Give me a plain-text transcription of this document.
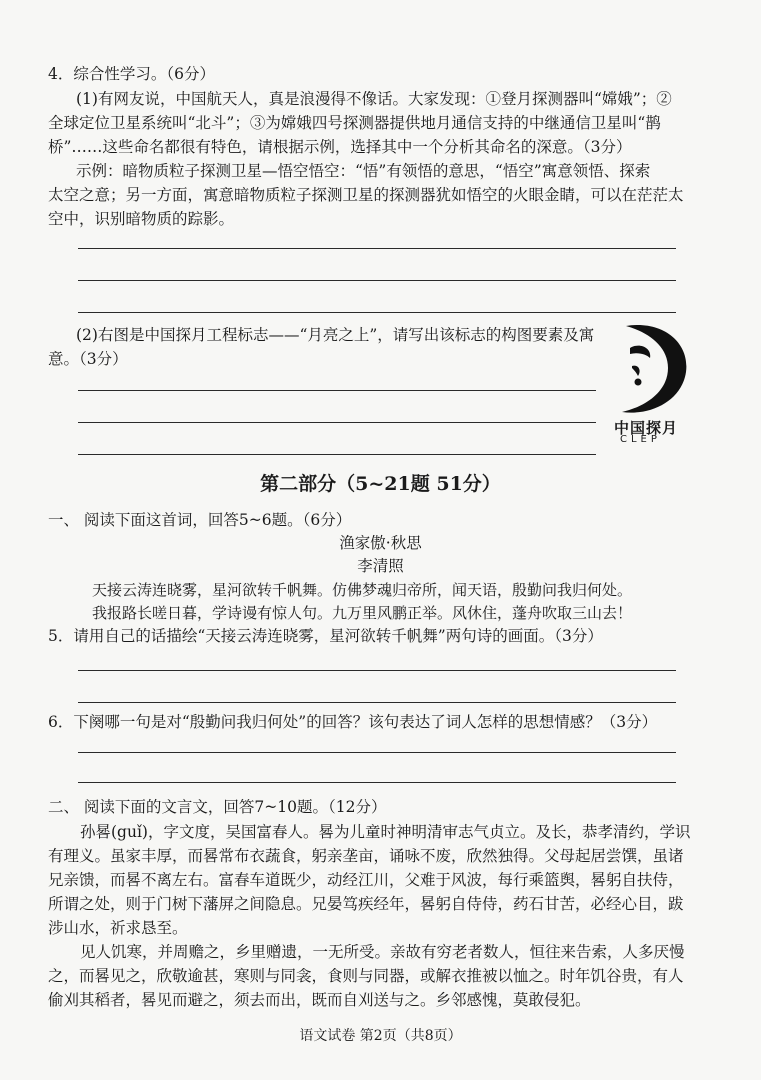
4．综合性学习。（6分）
(1)有网友说，中国航天人，真是浪漫得不像话。大家发现：①登月探测器叫“嫦娥”；②
全球定位卫星系统叫“北斗”；③为嫦娥四号探测器提供地月通信支持的中继通信卫星叫“鹊
桥”……这些命名都很有特色，请根据示例，选择其中一个分析其命名的深意。（3分）
示例：暗物质粒子探测卫星—悟空悟空：“悟”有领悟的意思，“悟空”寓意领悟、探索
太空之意；另一方面，寓意暗物质粒子探测卫星的探测器犹如悟空的火眼金睛，可以在茫茫太
空中，识别暗物质的踪影。
(2)右图是中国探月工程标志——“月亮之上”，请写出该标志的构图要素及寓
意。（3分）
中国探月
CLEP
第二部分（5~21题 51分）
一、 阅读下面这首词，回答5~6题。（6分）
渔家傲·秋思
李清照
天接云涛连晓雾，星河欲转千帆舞。仿佛梦魂归帝所，闻天语，殷勤问我归何处。
我报路长嗟日暮，学诗谩有惊人句。九万里风鹏正举。风休住，蓬舟吹取三山去！
5．请用自己的话描绘“天接云涛连晓雾，星河欲转千帆舞”两句诗的画面。（3分）
6．下阕哪一句是对“殷勤问我归何处”的回答？该句表达了词人怎样的思想情感？（3分）
二、 阅读下面的文言文，回答7~10题。（12分）
孙晷(guǐ)，字文度，吴国富春人。晷为儿童时神明清审志气贞立。及长，恭孝清约，学识
有理义。虽家丰厚，而晷常布衣蔬食，躬亲垄亩，诵咏不废，欣然独得。父母起居尝馔，虽诸
兄亲馈，而晷不离左右。富春车道既少，动经江川，父难于风波，每行乘篮舆，晷躬自扶侍，
所谓之处，则于门树下藩屏之间隐息。兄晏笃疾经年，晷躬自侍侍，药石甘苦，必经心目，跋
涉山水，祈求恳至。
见人饥寒，并周赡之，乡里赠遗，一无所受。亲故有穷老者数人，恒往来告索，人多厌慢
之，而晷见之，欣敬逾甚，寒则与同衾，食则与同器，或解衣推被以恤之。时年饥谷贵，有人
偷刈其稻者，晷见而避之，须去而出，既而自刈送与之。乡邻感愧，莫敢侵犯。
语文试卷 第2页（共8页）
